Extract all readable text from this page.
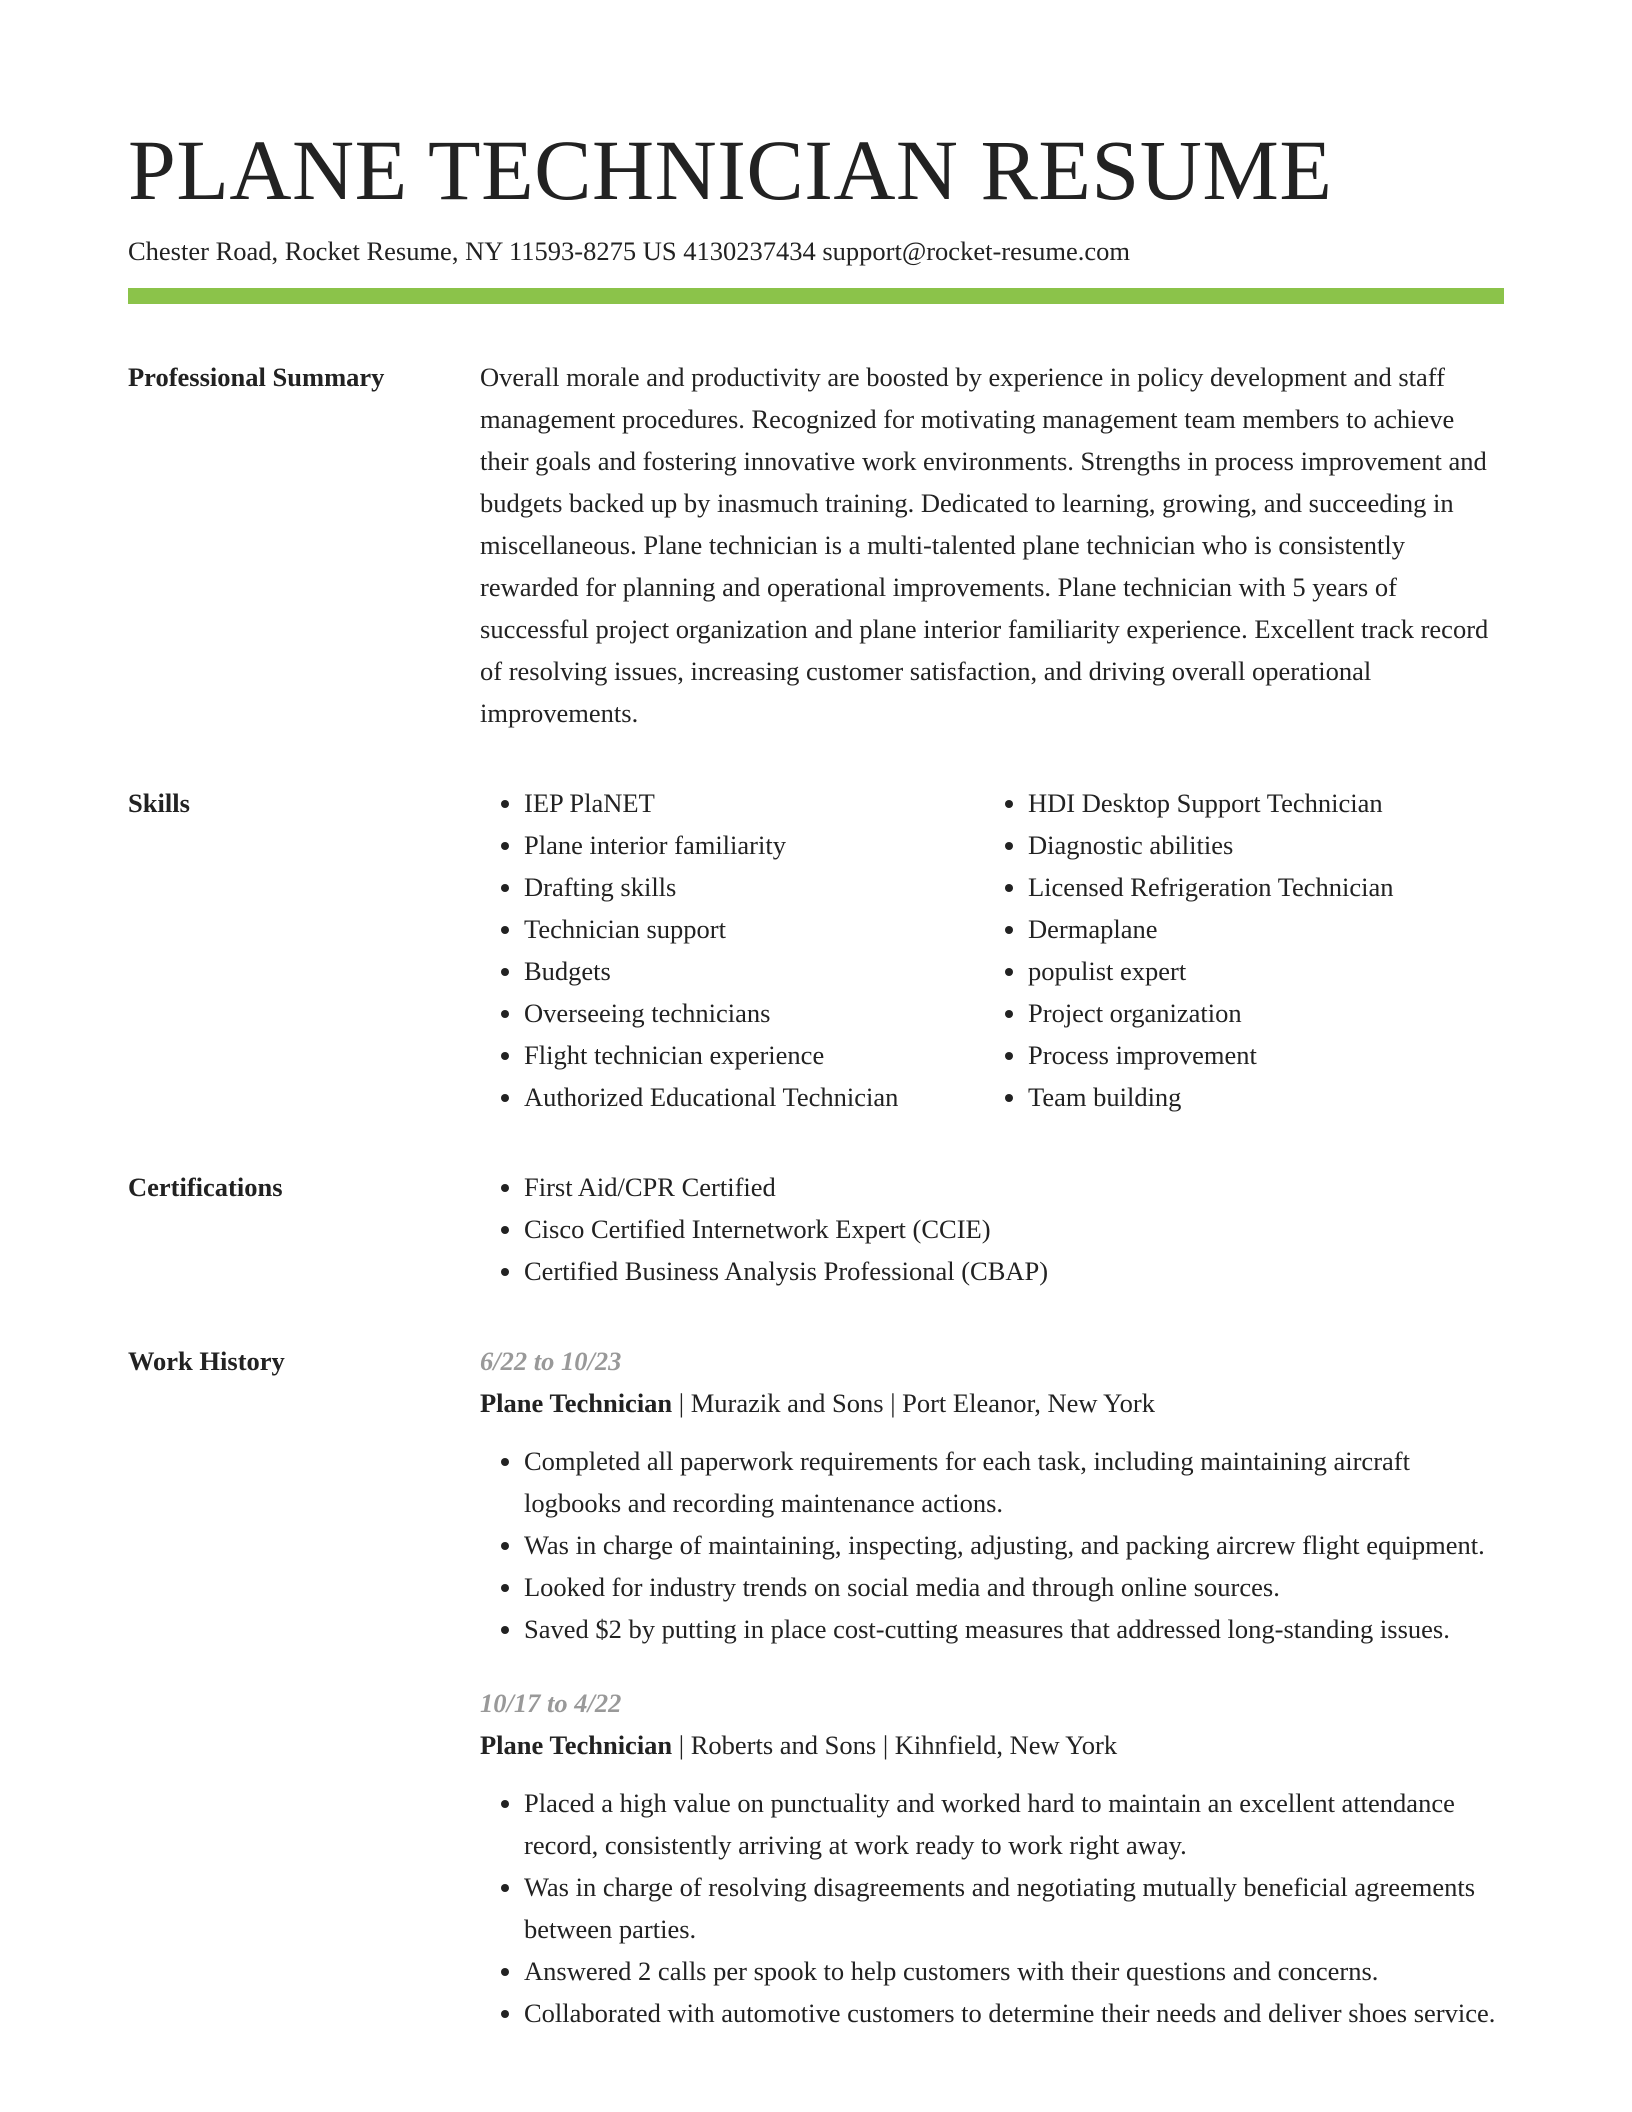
PLANE TECHNICIAN RESUME
Chester Road, Rocket Resume, NY 11593-8275 US 4130237434 support@rocket-resume.com
Professional Summary	Overall morale and productivity are boosted by experience in policy development and staff management procedures. Recognized for motivating management team members to achieve their goals and fostering innovative work environments. Strengths in process improvement and budgets backed up by inasmuch training. Dedicated to learning, growing, and succeeding in miscellaneous. Plane technician is a multi-talented plane technician who is consistently rewarded for planning and operational improvements. Plane technician with 5 years of successful project organization and plane interior familiarity experience. Excellent track record of resolving issues, increasing customer satisfaction, and driving overall operational improvements.

Skills	• IEP PlaNET
• Plane interior familiarity
• Drafting skills
• Technician support
• Budgets
• Overseeing technicians
• Flight technician experience
• Authorized Educational Technician
• HDI Desktop Support Technician
• Diagnostic abilities
• Licensed Refrigeration Technician
• Dermaplane
• populist expert
• Project organization
• Process improvement
• Team building
Certifications	• First Aid/CPR Certified
• Cisco Certified Internetwork Expert (CCIE)
• Certified Business Analysis Professional (CBAP)
Work History	6/22 to 10/23
Plane Technician | Murazik and Sons | Port Eleanor, New York
• Completed all paperwork requirements for each task, including maintaining aircraft logbooks and recording maintenance actions.
• Was in charge of maintaining, inspecting, adjusting, and packing aircrew flight equipment.
• Looked for industry trends on social media and through online sources.
• Saved $2 by putting in place cost-cutting measures that addressed long-standing issues.
10/17 to 4/22
Plane Technician | Roberts and Sons | Kihnfield, New York
• Placed a high value on punctuality and worked hard to maintain an excellent attendance record, consistently arriving at work ready to work right away.
• Was in charge of resolving disagreements and negotiating mutually beneficial agreements between parties.
• Answered 2 calls per spook to help customers with their questions and concerns.
• Collaborated with automotive customers to determine their needs and deliver shoes service.
